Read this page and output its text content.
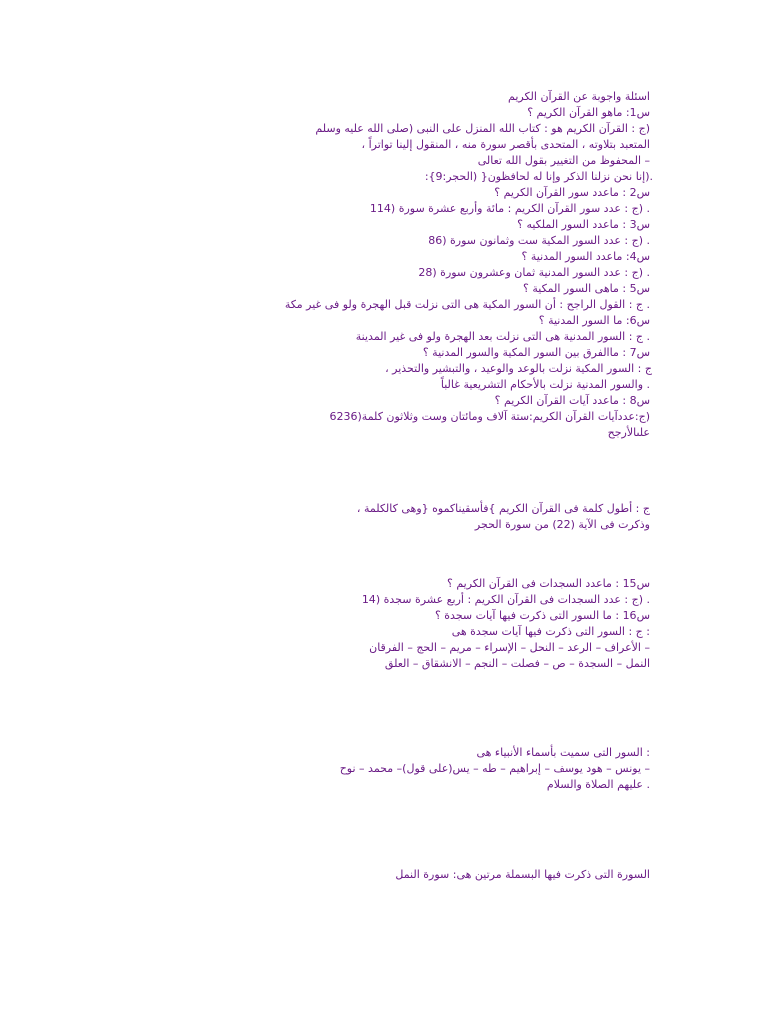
اسئلة واجوبة عن القرآن الكريم
س1: ماهو القرآن الكريم ؟
(ج : القرآن الكريم هو : كتاب الله المنزل على النبى (صلى الله عليه وسلم
المتعبد بتلاوته ، المتحدى بأقصر سورة منه ، المنقول إلينا تواتراً ،
– المحفوظ من التغيير بقول الله تعالى
.(إنا نحن نزلنا الذكر وإنا له لحافظون{ (الحجر:9}:
س2 : ماعدد سور القرآن الكريم ؟
. (ج : عدد سور القرآن الكريم : مائة وأربع عشرة سورة (114
س3 : ماعدد السور الملكيه ؟
. (ج : عدد السور المكية ست وثمانون سورة (86
س4: ماعدد السور المدنية ؟
. (ج : عدد السور المدنية ثمان وعشرون سورة (28
س5 : ماهى السور المكية ؟
. ج : القول الراجح : أن السور المكية هى التى نزلت قبل الهجرة ولو فى غير مكة
س6: ما السور المدنية ؟
. ج : السور المدنية هى التى نزلت بعد الهجرة ولو فى غير المدينة
س7 : ماالفرق بين السور المكية والسور المدنية ؟
ج : السور المكية نزلت بالوعد والوعيد ، والتبشير والتحذير ،
. والسور المدنية نزلت بالأحكام التشريعية غالباً
س8 : ماعدد آيات القرآن الكريم ؟
(ج:عددآيات القرآن الكريم:ستة آلاف ومائتان وست وثلاثون كلمة(6236
علىالأرجح
ج : أطول كلمة فى القرآن الكريم }فأسقيناكموه {وهى كالكلمة ،
وذكرت فى الآية (22) من سورة الحجر
س15 : ماعدد السجدات فى القرآن الكريم ؟
. (ج : عدد السجدات فى القرآن الكريم : أربع عشرة سجدة (14
س16 : ما السور التى ذكرت فيها آيات سجدة ؟
: ج : السور التى ذكرت فيها آيات سجدة هى
– الأعراف – الرعد – النحل – الإسراء – مريم – الحج – الفرقان
النمل – السجدة – ص – فصلت – النجم – الانشقاق – العلق
: السور التى سميت بأسماء الأنبياء هى
– يونس – هود يوسف – إبراهيم – طه – يس(على قول)– محمد – نوح
. عليهم الصلاة والسلام
السورة التى ذكرت فيها البسملة مرتين هى: سورة النمل
